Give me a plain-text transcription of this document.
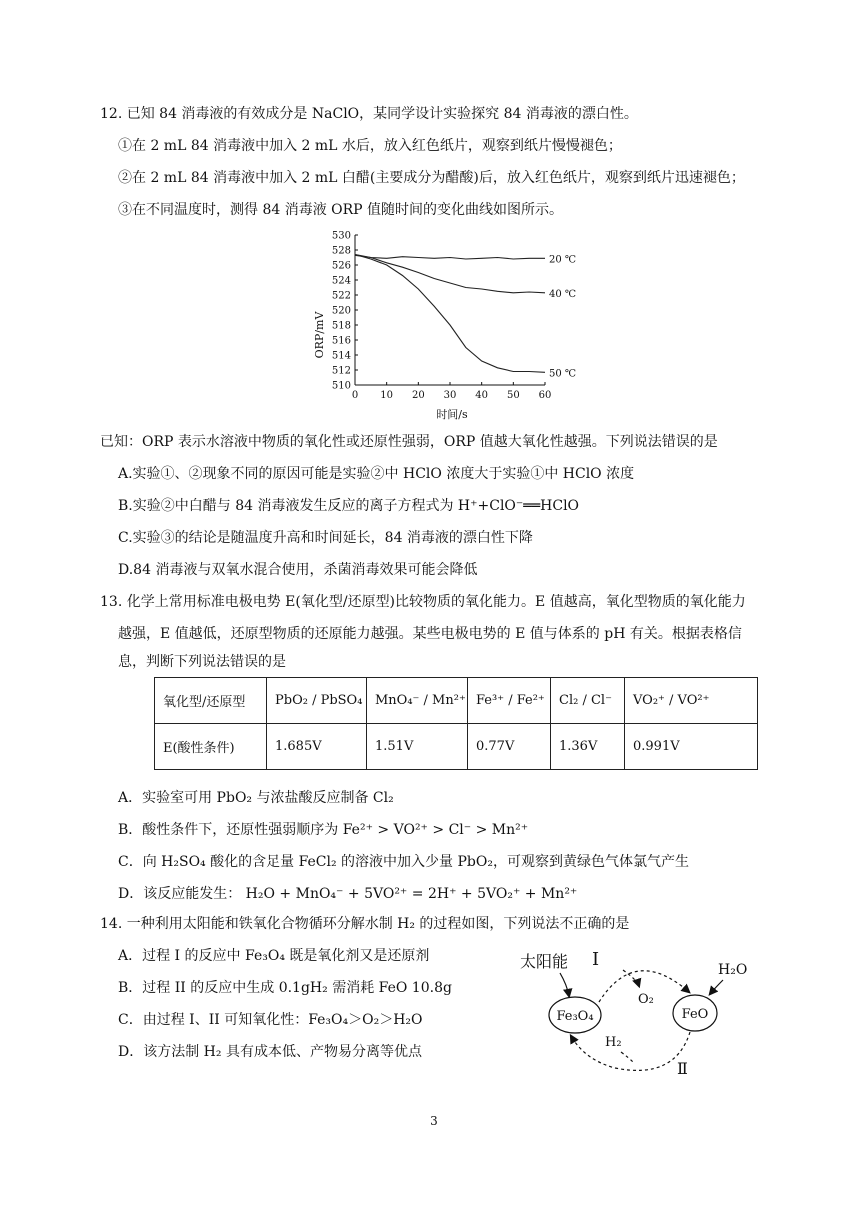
12. 已知 84 消毒液的有效成分是 NaClO，某同学设计实验探究 84 消毒液的漂白性。
①在 2 mL 84 消毒液中加入 2 mL 水后，放入红色纸片，观察到纸片慢慢褪色；
②在 2 mL 84 消毒液中加入 2 mL 白醋(主要成分为醋酸)后，放入红色纸片，观察到纸片迅速褪色；
③在不同温度时，测得 84 消毒液 ORP 值随时间的变化曲线如图所示。
530
528
526
524
522
520
518
516
514
512
510
0 10 20 30 40 50 60
20 ℃
40 ℃
50 ℃
ORP/mV
时间/s
已知：ORP 表示水溶液中物质的氧化性或还原性强弱，ORP 值越大氧化性越强。下列说法错误的是
A.实验①、②现象不同的原因可能是实验②中 HClO 浓度大于实验①中 HClO 浓度
B.实验②中白醋与 84 消毒液发生反应的离子方程式为 H⁺+ClO⁻══HClO
C.实验③的结论是随温度升高和时间延长，84 消毒液的漂白性下降
D.84 消毒液与双氧水混合使用，杀菌消毒效果可能会降低
13. 化学上常用标准电极电势 E(氧化型/还原型)比较物质的氧化能力。E 值越高，氧化型物质的氧化能力
越强，E 值越低，还原型物质的还原能力越强。某些电极电势的 E 值与体系的 pH 有关。根据表格信
息，判断下列说法错误的是
氧化型/还原型	PbO₂ / PbSO₄	MnO₄⁻ / Mn²⁺	Fe³⁺ / Fe²⁺	Cl₂ / Cl⁻	VO₂⁺ / VO²⁺
E(酸性条件)	1.685V	1.51V	0.77V	1.36V	0.991V
A．实验室可用 PbO₂ 与浓盐酸反应制备 Cl₂
B．酸性条件下，还原性强弱顺序为 Fe²⁺ > VO²⁺ > Cl⁻ > Mn²⁺
C．向 H₂SO₄ 酸化的含足量 FeCl₂ 的溶液中加入少量 PbO₂，可观察到黄绿色气体氯气产生
D．该反应能发生： H₂O + MnO₄⁻ + 5VO²⁺ = 2H⁺ + 5VO₂⁺ + Mn²⁺
14. 一种利用太阳能和铁氧化合物循环分解水制 H₂ 的过程如图，下列说法不正确的是
A．过程 I 的反应中 Fe₃O₄ 既是氧化剂又是还原剂
B．过程 II 的反应中生成 0.1gH₂ 需消耗 FeO 10.8g
C．由过程 I、II 可知氧化性：Fe₃O₄＞O₂＞H₂O
D．该方法制 H₂ 具有成本低、产物易分离等优点
Fe₃O₄	FeO
太阳能 I
O₂
H₂O
H₂
Ⅱ
3
